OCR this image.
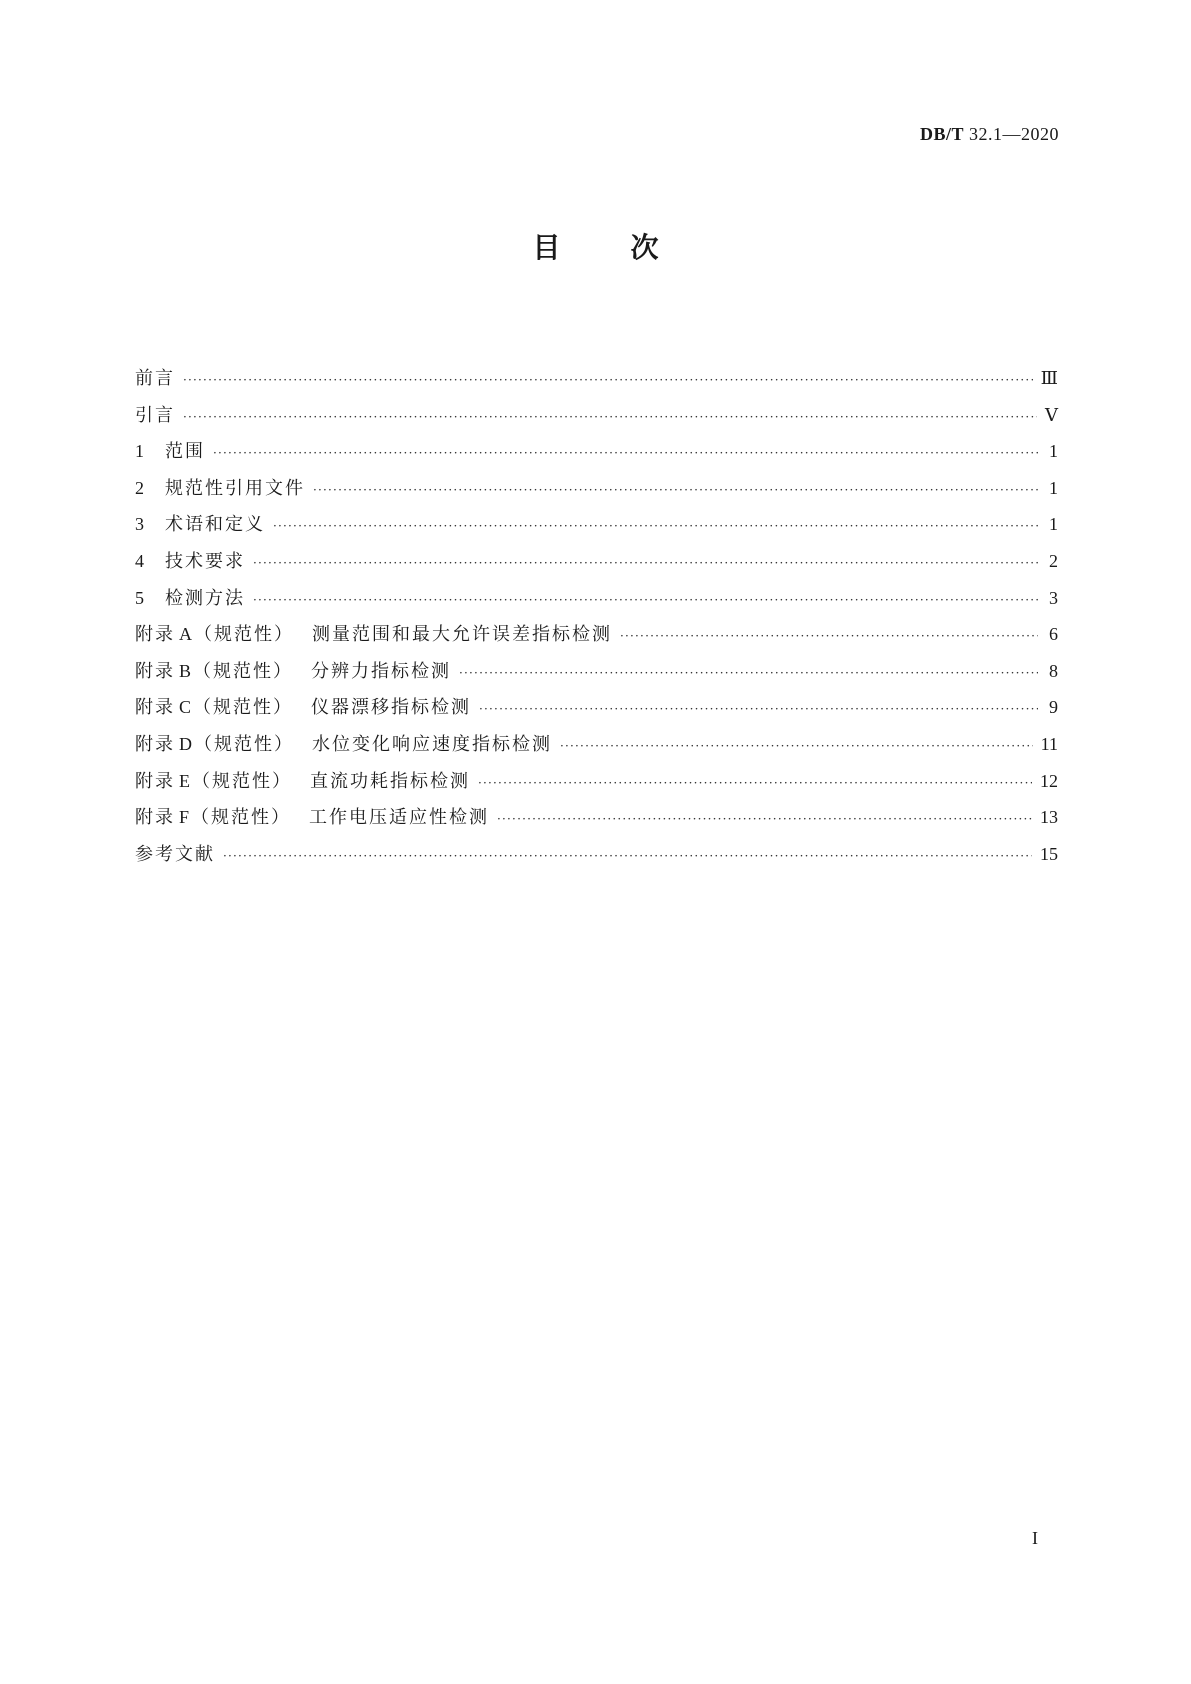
DB/T 32.1—2020
目	次
前言 ·····	Ⅲ
引言 ·····	Ⅴ
1	范围 ·····	1
2	规范性引用文件 ·····	1
3	术语和定义 ·····	1
4	技术要求 ·····	2
5	检测方法 ·····	3
附录 A （规范性） 测量范围和最大允许误差指标检测 ·····	6
附录 B （规范性） 分辨力指标检测 ·····	8
附录 C （规范性） 仪器漂移指标检测 ·····	9
附录 D （规范性） 水位变化响应速度指标检测 ·····	11
附录 E （规范性） 直流功耗指标检测 ·····	12
附录 F （规范性） 工作电压适应性检测 ·····	13
参考文献 ·····	15
I
